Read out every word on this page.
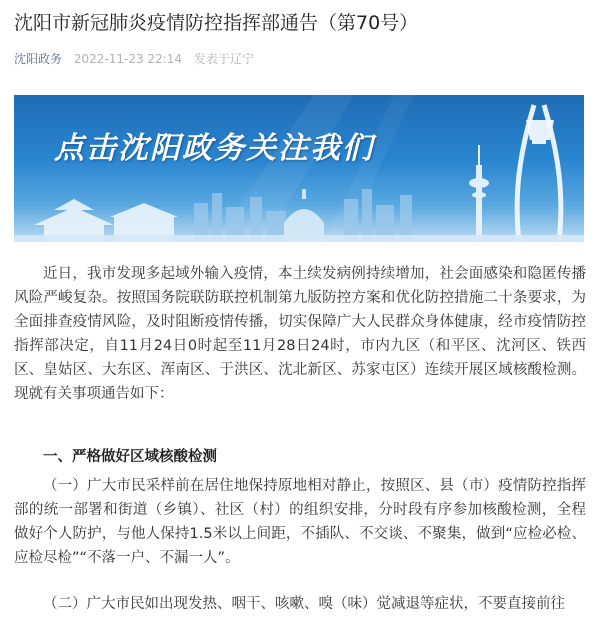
沈阳市新冠肺炎疫情防控指挥部通告（第70号）
沈阳政务 2022-11-23 22:14 发表于辽宁
点击沈阳政务关注我们

近日，我市发现多起域外输入疫情，本土续发病例持续增加，社会面感染和隐匿传播风险严峻复杂。按照国务院联防联控机制第九版防控方案和优化防控措施二十条要求，为全面排查疫情风险，及时阻断疫情传播，切实保障广大人民群众身体健康，经市疫情防控指挥部决定，自11月24日0时起至11月28日24时，市内九区（和平区、沈河区、铁西区、皇姑区、大东区、浑南区、于洪区、沈北新区、苏家屯区）连续开展区域核酸检测。现就有关事项通告如下：

一、严格做好区域核酸检测

（一）广大市民采样前在居住地保持原地相对静止，按照区、县（市）疫情防控指挥部的统一部署和街道（乡镇）、社区（村）的组织安排，分时段有序参加核酸检测，全程做好个人防护，与他人保持1.5米以上间距，不插队、不交谈、不聚集，做到“应检必检、应检尽检”“不落一户、不漏一人”。

（二）广大市民如出现发热、咽干、咳嗽、嗅（味）觉减退等症状，不要直接前往
